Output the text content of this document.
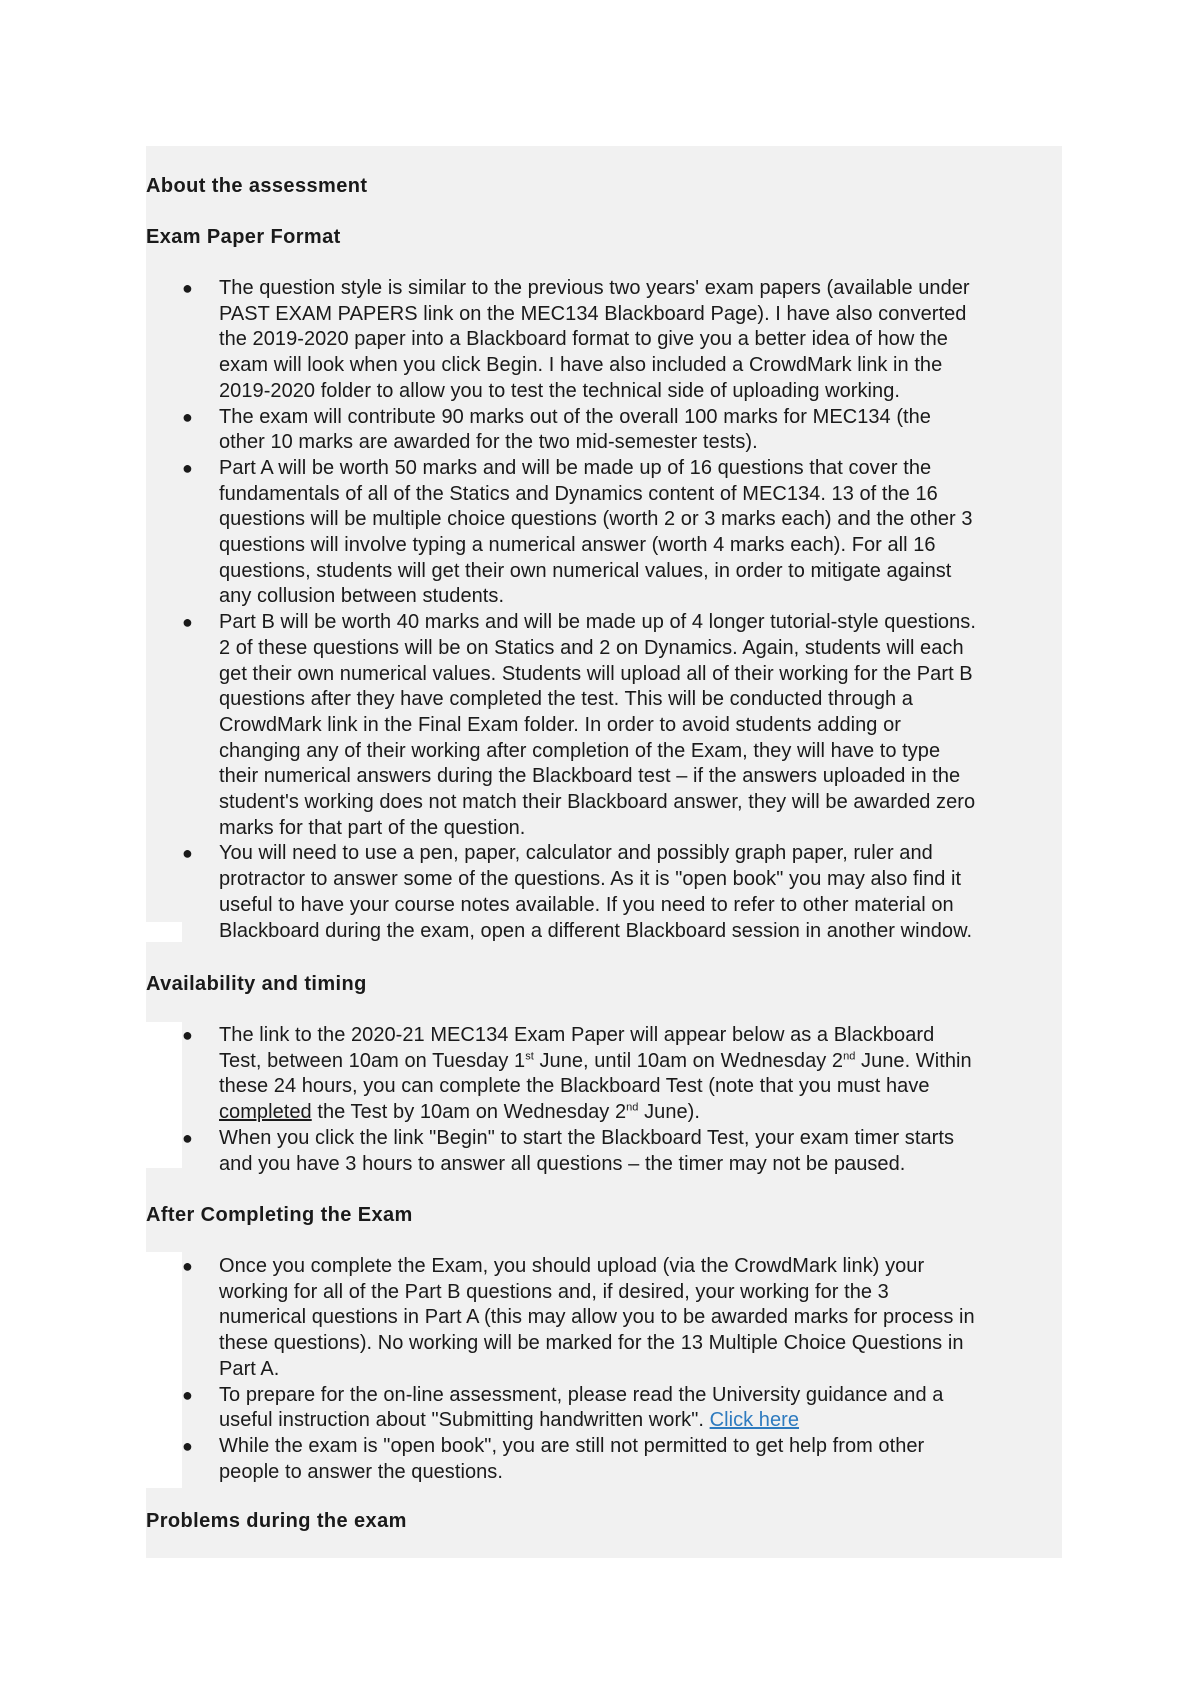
About the assessment
Exam Paper Format
● The question style is similar to the previous two years' exam papers (available under
PAST EXAM PAPERS link on the MEC134 Blackboard Page). I have also converted
the 2019-2020 paper into a Blackboard format to give you a better idea of how the
exam will look when you click Begin. I have also included a CrowdMark link in the
2019-2020 folder to allow you to test the technical side of uploading working.
● The exam will contribute 90 marks out of the overall 100 marks for MEC134 (the
other 10 marks are awarded for the two mid-semester tests).
● Part A will be worth 50 marks and will be made up of 16 questions that cover the
fundamentals of all of the Statics and Dynamics content of MEC134. 13 of the 16
questions will be multiple choice questions (worth 2 or 3 marks each) and the other 3
questions will involve typing a numerical answer (worth 4 marks each). For all 16
questions, students will get their own numerical values, in order to mitigate against
any collusion between students.
● Part B will be worth 40 marks and will be made up of 4 longer tutorial-style questions.
2 of these questions will be on Statics and 2 on Dynamics. Again, students will each
get their own numerical values. Students will upload all of their working for the Part B
questions after they have completed the test. This will be conducted through a
CrowdMark link in the Final Exam folder. In order to avoid students adding or
changing any of their working after completion of the Exam, they will have to type
their numerical answers during the Blackboard test – if the answers uploaded in the
student's working does not match their Blackboard answer, they will be awarded zero
marks for that part of the question.
● You will need to use a pen, paper, calculator and possibly graph paper, ruler and
protractor to answer some of the questions. As it is "open book" you may also find it
useful to have your course notes available. If you need to refer to other material on
Blackboard during the exam, open a different Blackboard session in another window.
Availability and timing
● The link to the 2020-21 MEC134 Exam Paper will appear below as a Blackboard
Test, between 10am on Tuesday 1st June, until 10am on Wednesday 2nd June. Within
these 24 hours, you can complete the Blackboard Test (note that you must have
completed the Test by 10am on Wednesday 2nd June).
● When you click the link "Begin" to start the Blackboard Test, your exam timer starts
and you have 3 hours to answer all questions – the timer may not be paused.
After Completing the Exam
● Once you complete the Exam, you should upload (via the CrowdMark link) your
working for all of the Part B questions and, if desired, your working for the 3
numerical questions in Part A (this may allow you to be awarded marks for process in
these questions). No working will be marked for the 13 Multiple Choice Questions in
Part A.
● To prepare for the on-line assessment, please read the University guidance and a
useful instruction about "Submitting handwritten work". Click here
● While the exam is "open book", you are still not permitted to get help from other
people to answer the questions.
Problems during the exam
